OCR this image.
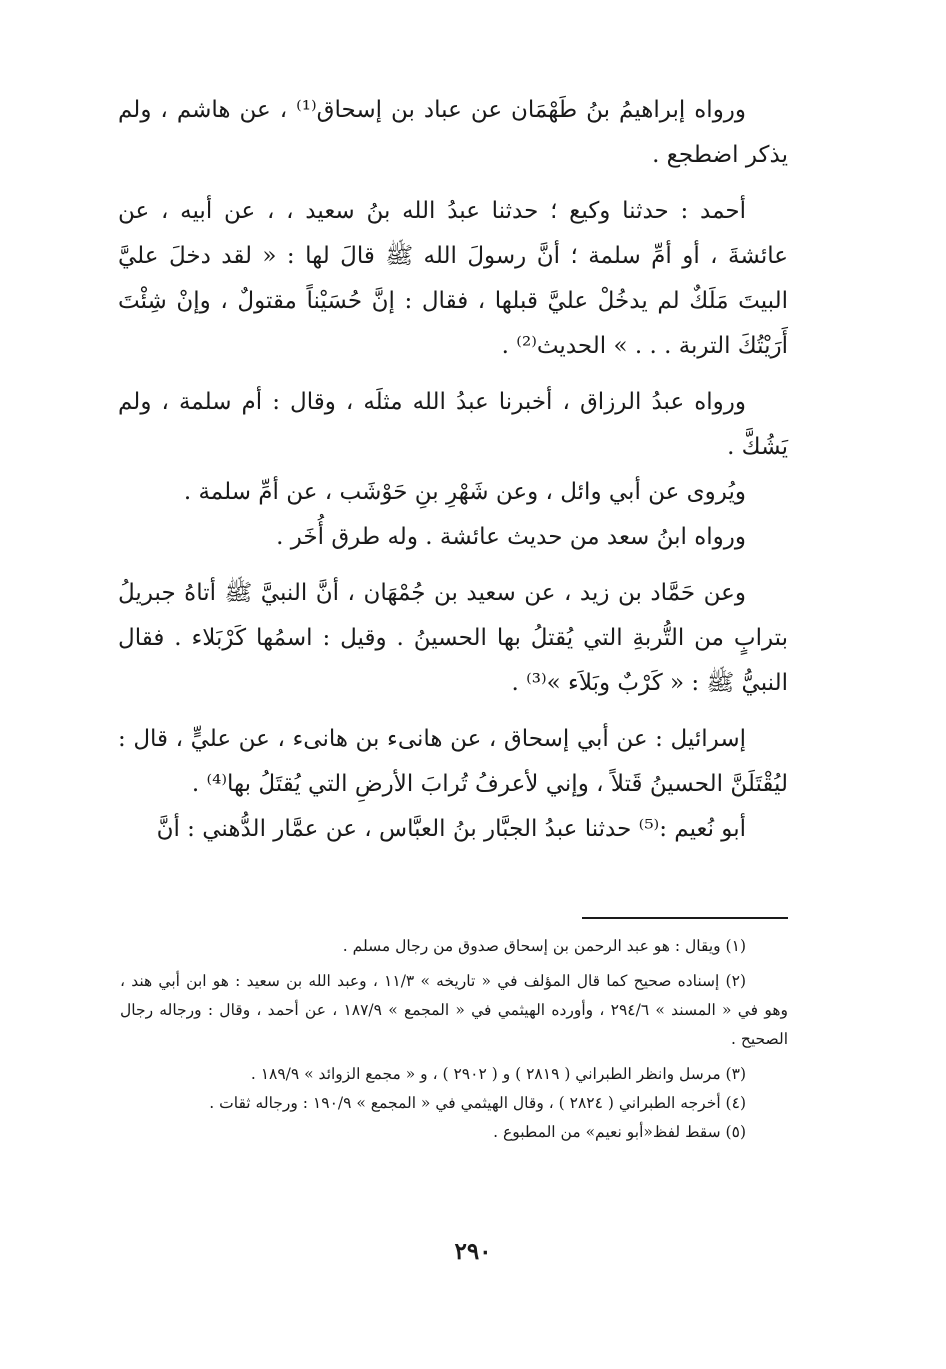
ورواه إبراهيمُ بنُ طَهْمَان عن عباد بن إسحاق⁽¹⁾ ، عن هاشم ، ولم يذكر اضطجع .

أحمد : حدثنا وكيع ؛ حدثنا عبدُ الله بنُ سعيد ، ، عن أبيه ، عن عائشةَ ، أو أمِّ سلمة ؛ أنَّ رسولَ الله ﷺ قالَ لها : « لقد دخلَ عليَّ البيتَ مَلَكٌ لم يدخُلْ عليَّ قبلها ، فقال : إنَّ حُسَيْناً مقتولٌ ، وإنْ شِئْتَ أَرَيْتُكَ التربة . . . » الحديث⁽²⁾ .

ورواه عبدُ الرزاق ، أخبرنا عبدُ الله مثلَه ، وقال : أم سلمة ، ولم يَشُكَّ .

ويُروى عن أبي وائل ، وعن شَهْرِ بنِ حَوْشَب ، عن أمِّ سلمة .

ورواه ابنُ سعد من حديث عائشة . وله طرق أُخَر .

وعن حَمَّاد بن زيد ، عن سعيد بن جُمْهَان ، أنَّ النبيَّ ﷺ أتاهُ جبريلُ بترابٍ من التُّربةِ التي يُقتلُ بها الحسينُ . وقيل : اسمُها كَرْبَلاء . فقال النبيُّ ﷺ : « كَرْبٌ وبَلاَء »⁽³⁾ .

إسرائيل : عن أبي إسحاق ، عن هانىء بن هانىء ، عن عليٍّ ، قال : ليُقْتَلَنَّ الحسينُ قَتلاً ، وإني لأعرفُ تُرابَ الأرضِ التي يُقتَلُ بها⁽⁴⁾ .

أبو نُعيم :⁽⁵⁾ حدثنا عبدُ الجبَّار بنُ العبَّاس ، عن عمَّار الدُّهني : أنَّ

(١) ويقال : هو عبد الرحمن بن إسحاق صدوق من رجال مسلم .

(٢) إسناده صحيح كما قال المؤلف في « تاريخه » ١١/٣ ، وعبد الله بن سعيد : هو ابن أبي هند ، وهو في « المسند » ٢٩٤/٦ ، وأورده الهيثمي في « المجمع » ١٨٧/٩ ، عن أحمد ، وقال : ورجاله رجال الصحيح .

(٣) مرسل وانظر الطبراني ( ٢٨١٩ ) و ( ٢٩٠٢ ) ، و « مجمع الزوائد » ١٨٩/٩ .

(٤) أخرجه الطبراني ( ٢٨٢٤ ) ، وقال الهيثمي في « المجمع » ١٩٠/٩ : ورجاله ثقات .

(٥) سقط لفظ«أبو نعيم» من المطبوع .

٢٩٠
